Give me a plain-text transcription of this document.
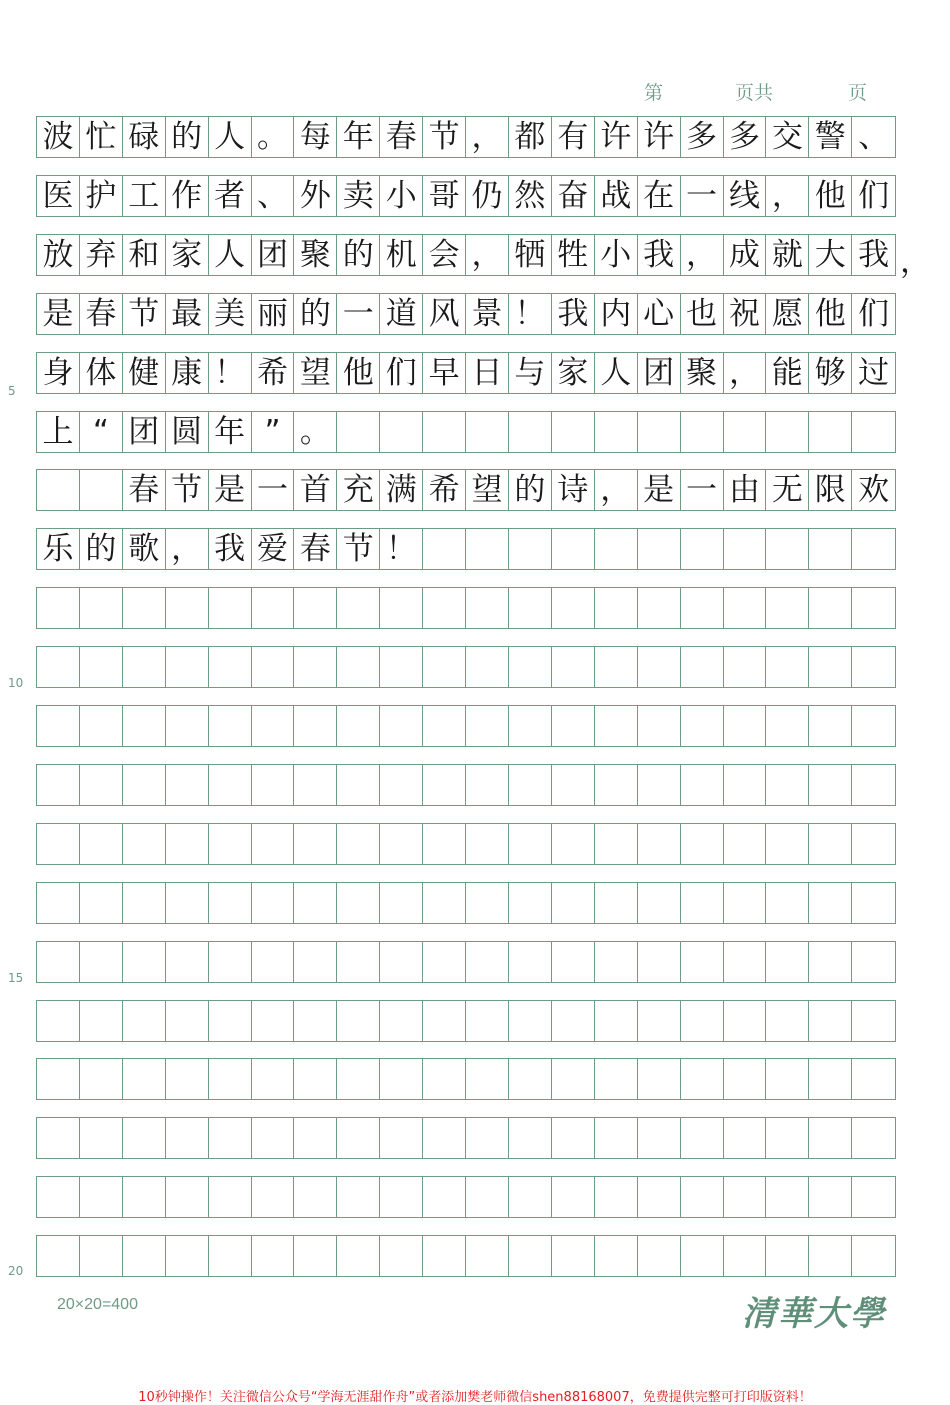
第	页共	页
波 忙 碌 的 人 。 每 年 春 节 ， 都 有 许 许 多 多 交 警 、
医 护 工 作 者 、 外 卖 小 哥 仍 然 奋 战 在 一 线 ， 他 们
放 弃 和 家 人 团 聚 的 机 会 ， 牺 牲 小 我 ， 成 就 大 我
是 春 节 最 美 丽 的 一 道 风 景 ！ 我 内 心 也 祝 愿 他 们
身 体 健 康 ！ 希 望 他 们 早 日 与 家 人 团 聚 ， 能 够 过
上 “ 团 圆 年 ” 。
春 节 是 一 首 充 满 希 望 的 诗 ， 是 一 由 无 限 欢
乐 的 歌 ， 我 爱 春 节 ！
5
10
15
20
20×20=400	清華大學
10秒钟操作！关注微信公众号“学海无涯甜作舟”或者添加樊老师微信shen88168007，免费提供完整可打印版资料！
，
